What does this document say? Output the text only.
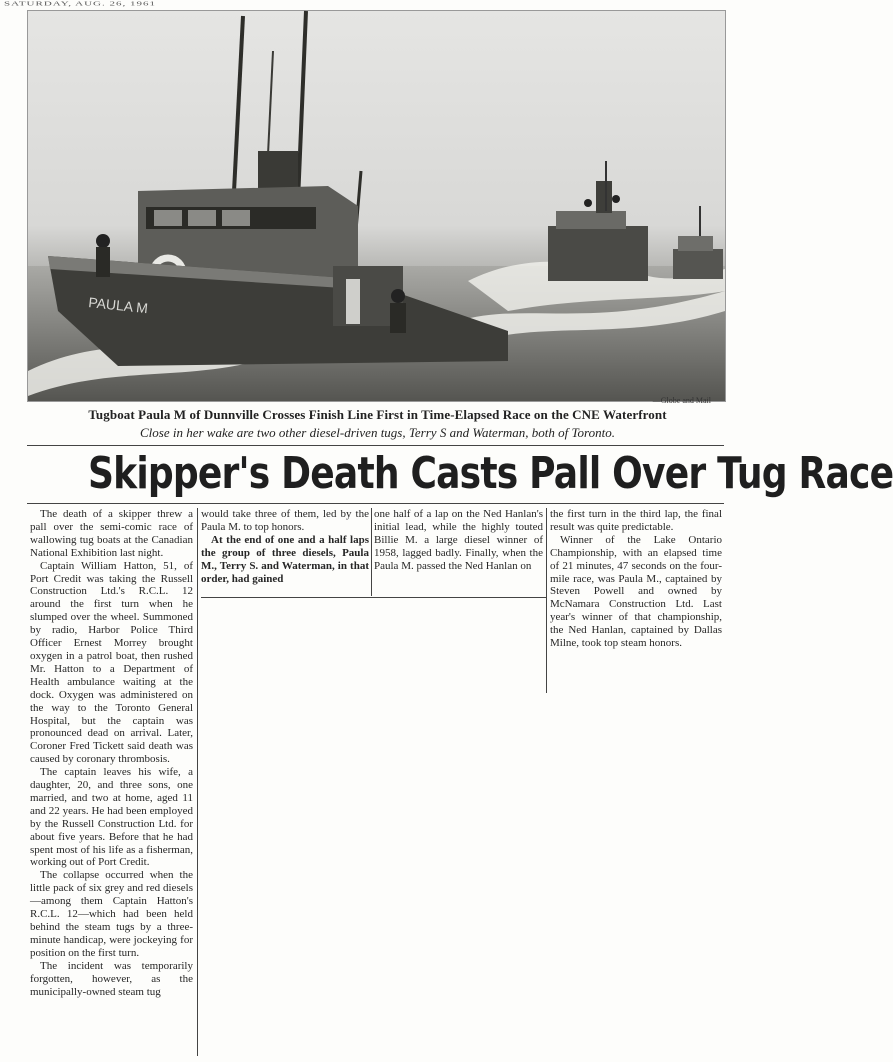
SATURDAY, AUG. 26, 1961
PAULA M
—Globe and Mail
Tugboat Paula M of Dunnville Crosses Finish Line First in Time-Elapsed Race on the CNE Waterfront
Close in her wake are two other diesel-driven tugs, Terry S and Waterman, both of Toronto.
Skipper's Death Casts Pall Over Tug Race

The death of a skipper threw a pall over the semi-comic race of wallowing tug boats at the Canadian National Exhibition last night.

Captain William Hatton, 51, of Port Credit was taking the Russell Construction Ltd.'s R.C.L. 12 around the first turn when he slumped over the wheel. Summoned by radio, Harbor Police Third Officer Ernest Morrey brought oxygen in a patrol boat, then rushed Mr. Hatton to a Department of Health ambulance waiting at the dock. Oxygen was administered on the way to the Toronto General Hospital, but the captain was pronounced dead on arrival. Later, Coroner Fred Tickett said death was caused by coronary thrombosis.

The captain leaves his wife, a daughter, 20, and three sons, one married, and two at home, aged 11 and 22 years. He had been employed by the Russell Construction Ltd. for about five years. Before that he had spent most of his life as a fisherman, working out of Port Credit.

The collapse occurred when the little pack of six grey and red diesels—among them Captain Hatton's R.C.L. 12—which had been held behind the steam tugs by a three-minute handicap, were jockeying for position on the first turn.

The incident was temporarily forgotten, however, as the municipally-owned steam tug

would take three of them, led by the Paula M. to top honors.

At the end of one and a half laps the group of three diesels, Paula M., Terry S. and Waterman, in that order, had gained

one half of a lap on the Ned Hanlan's initial lead, while the highly touted Billie M. a large diesel winner of 1958, lagged badly. Finally, when the Paula M. passed the Ned Hanlan on

the first turn in the third lap, the final result was quite predictable.

Winner of the Lake Ontario Championship, with an elapsed time of 21 minutes, 47 seconds on the four-mile race, was Paula M., captained by Steven Powell and owned by McNamara Construction Ltd. Last year's winner of that championship, the Ned Hanlan, captained by Dallas Milne, took top steam honors.
